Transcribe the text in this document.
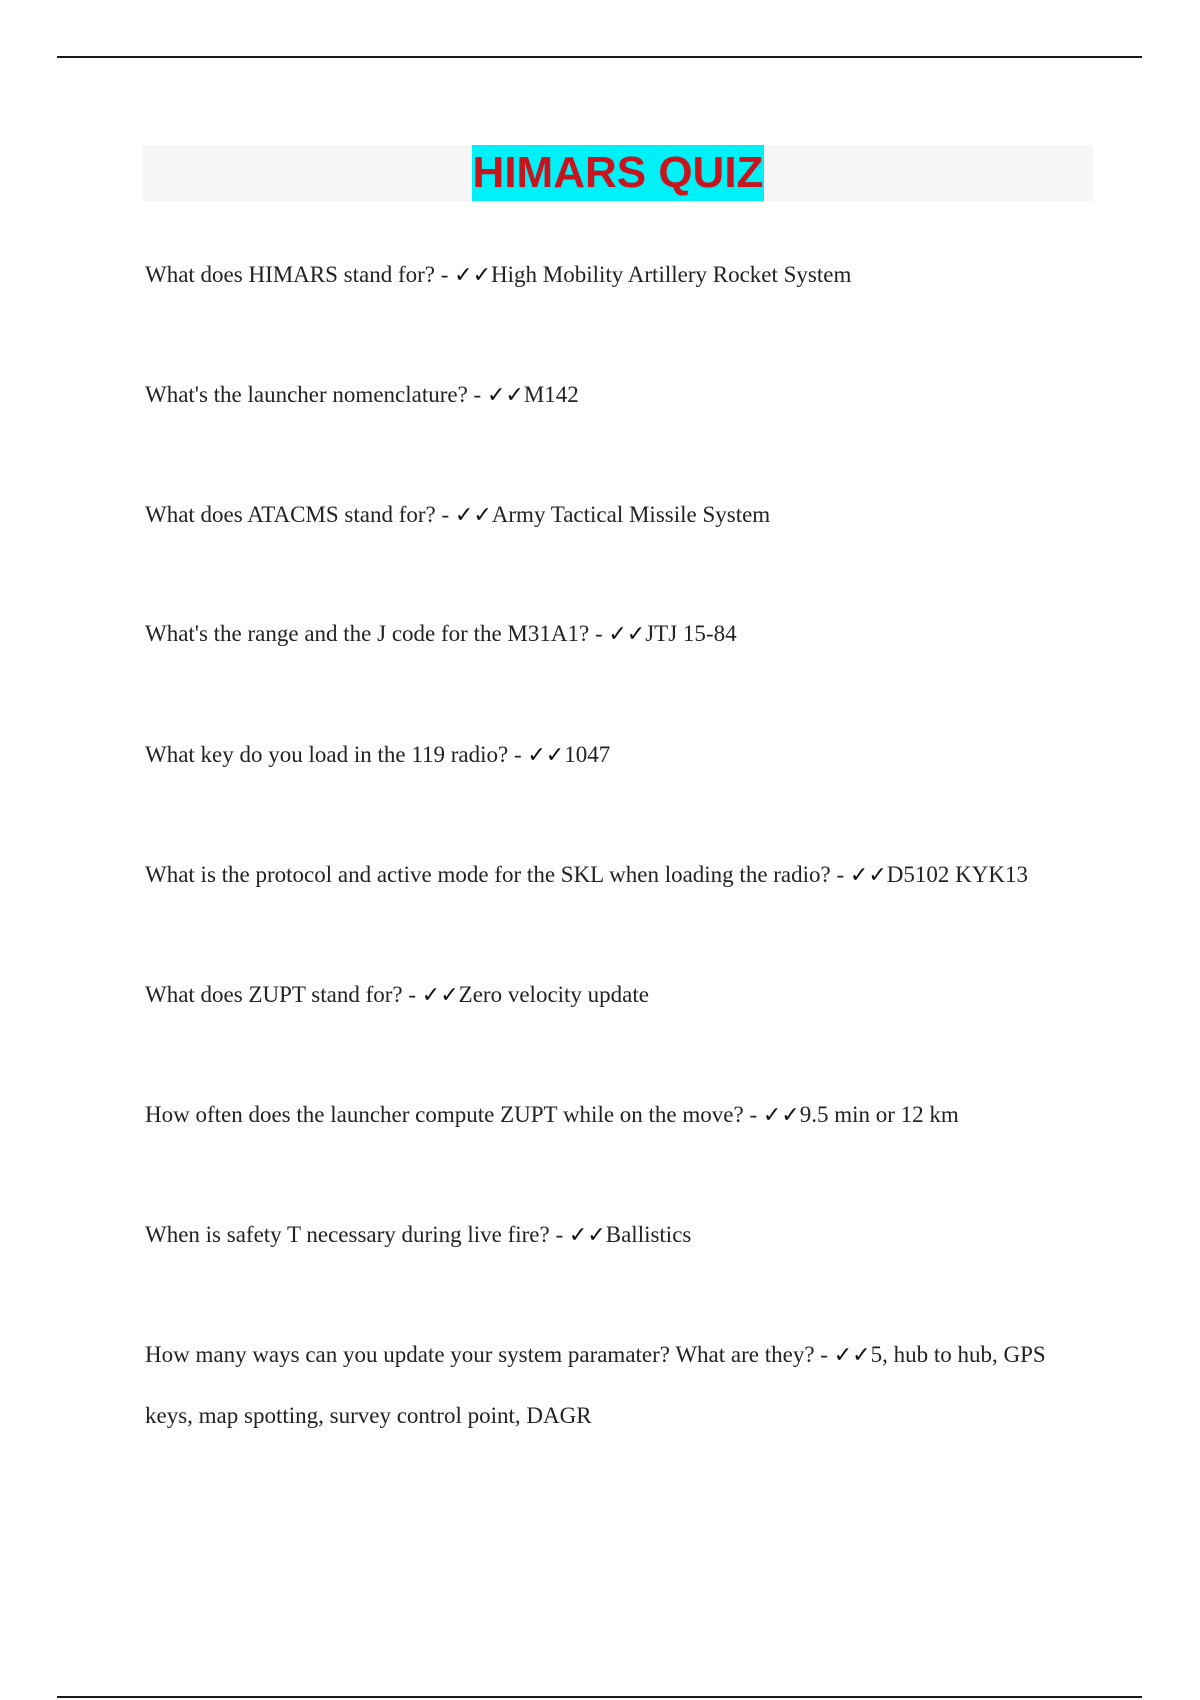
HIMARS QUIZ

What does HIMARS stand for? - ✓✓High Mobility Artillery Rocket System

What's the launcher nomenclature? - ✓✓M142

What does ATACMS stand for? - ✓✓Army Tactical Missile System

What's the range and the J code for the M31A1? - ✓✓JTJ 15-84

What key do you load in the 119 radio? - ✓✓1047

What is the protocol and active mode for the SKL when loading the radio? - ✓✓D5102 KYK13

What does ZUPT stand for? - ✓✓Zero velocity update

How often does the launcher compute ZUPT while on the move? - ✓✓9.5 min or 12 km

When is safety T necessary during live fire? - ✓✓Ballistics

How many ways can you update your system paramater? What are they? - ✓✓5, hub to hub, GPS keys, map spotting, survey control point, DAGR
